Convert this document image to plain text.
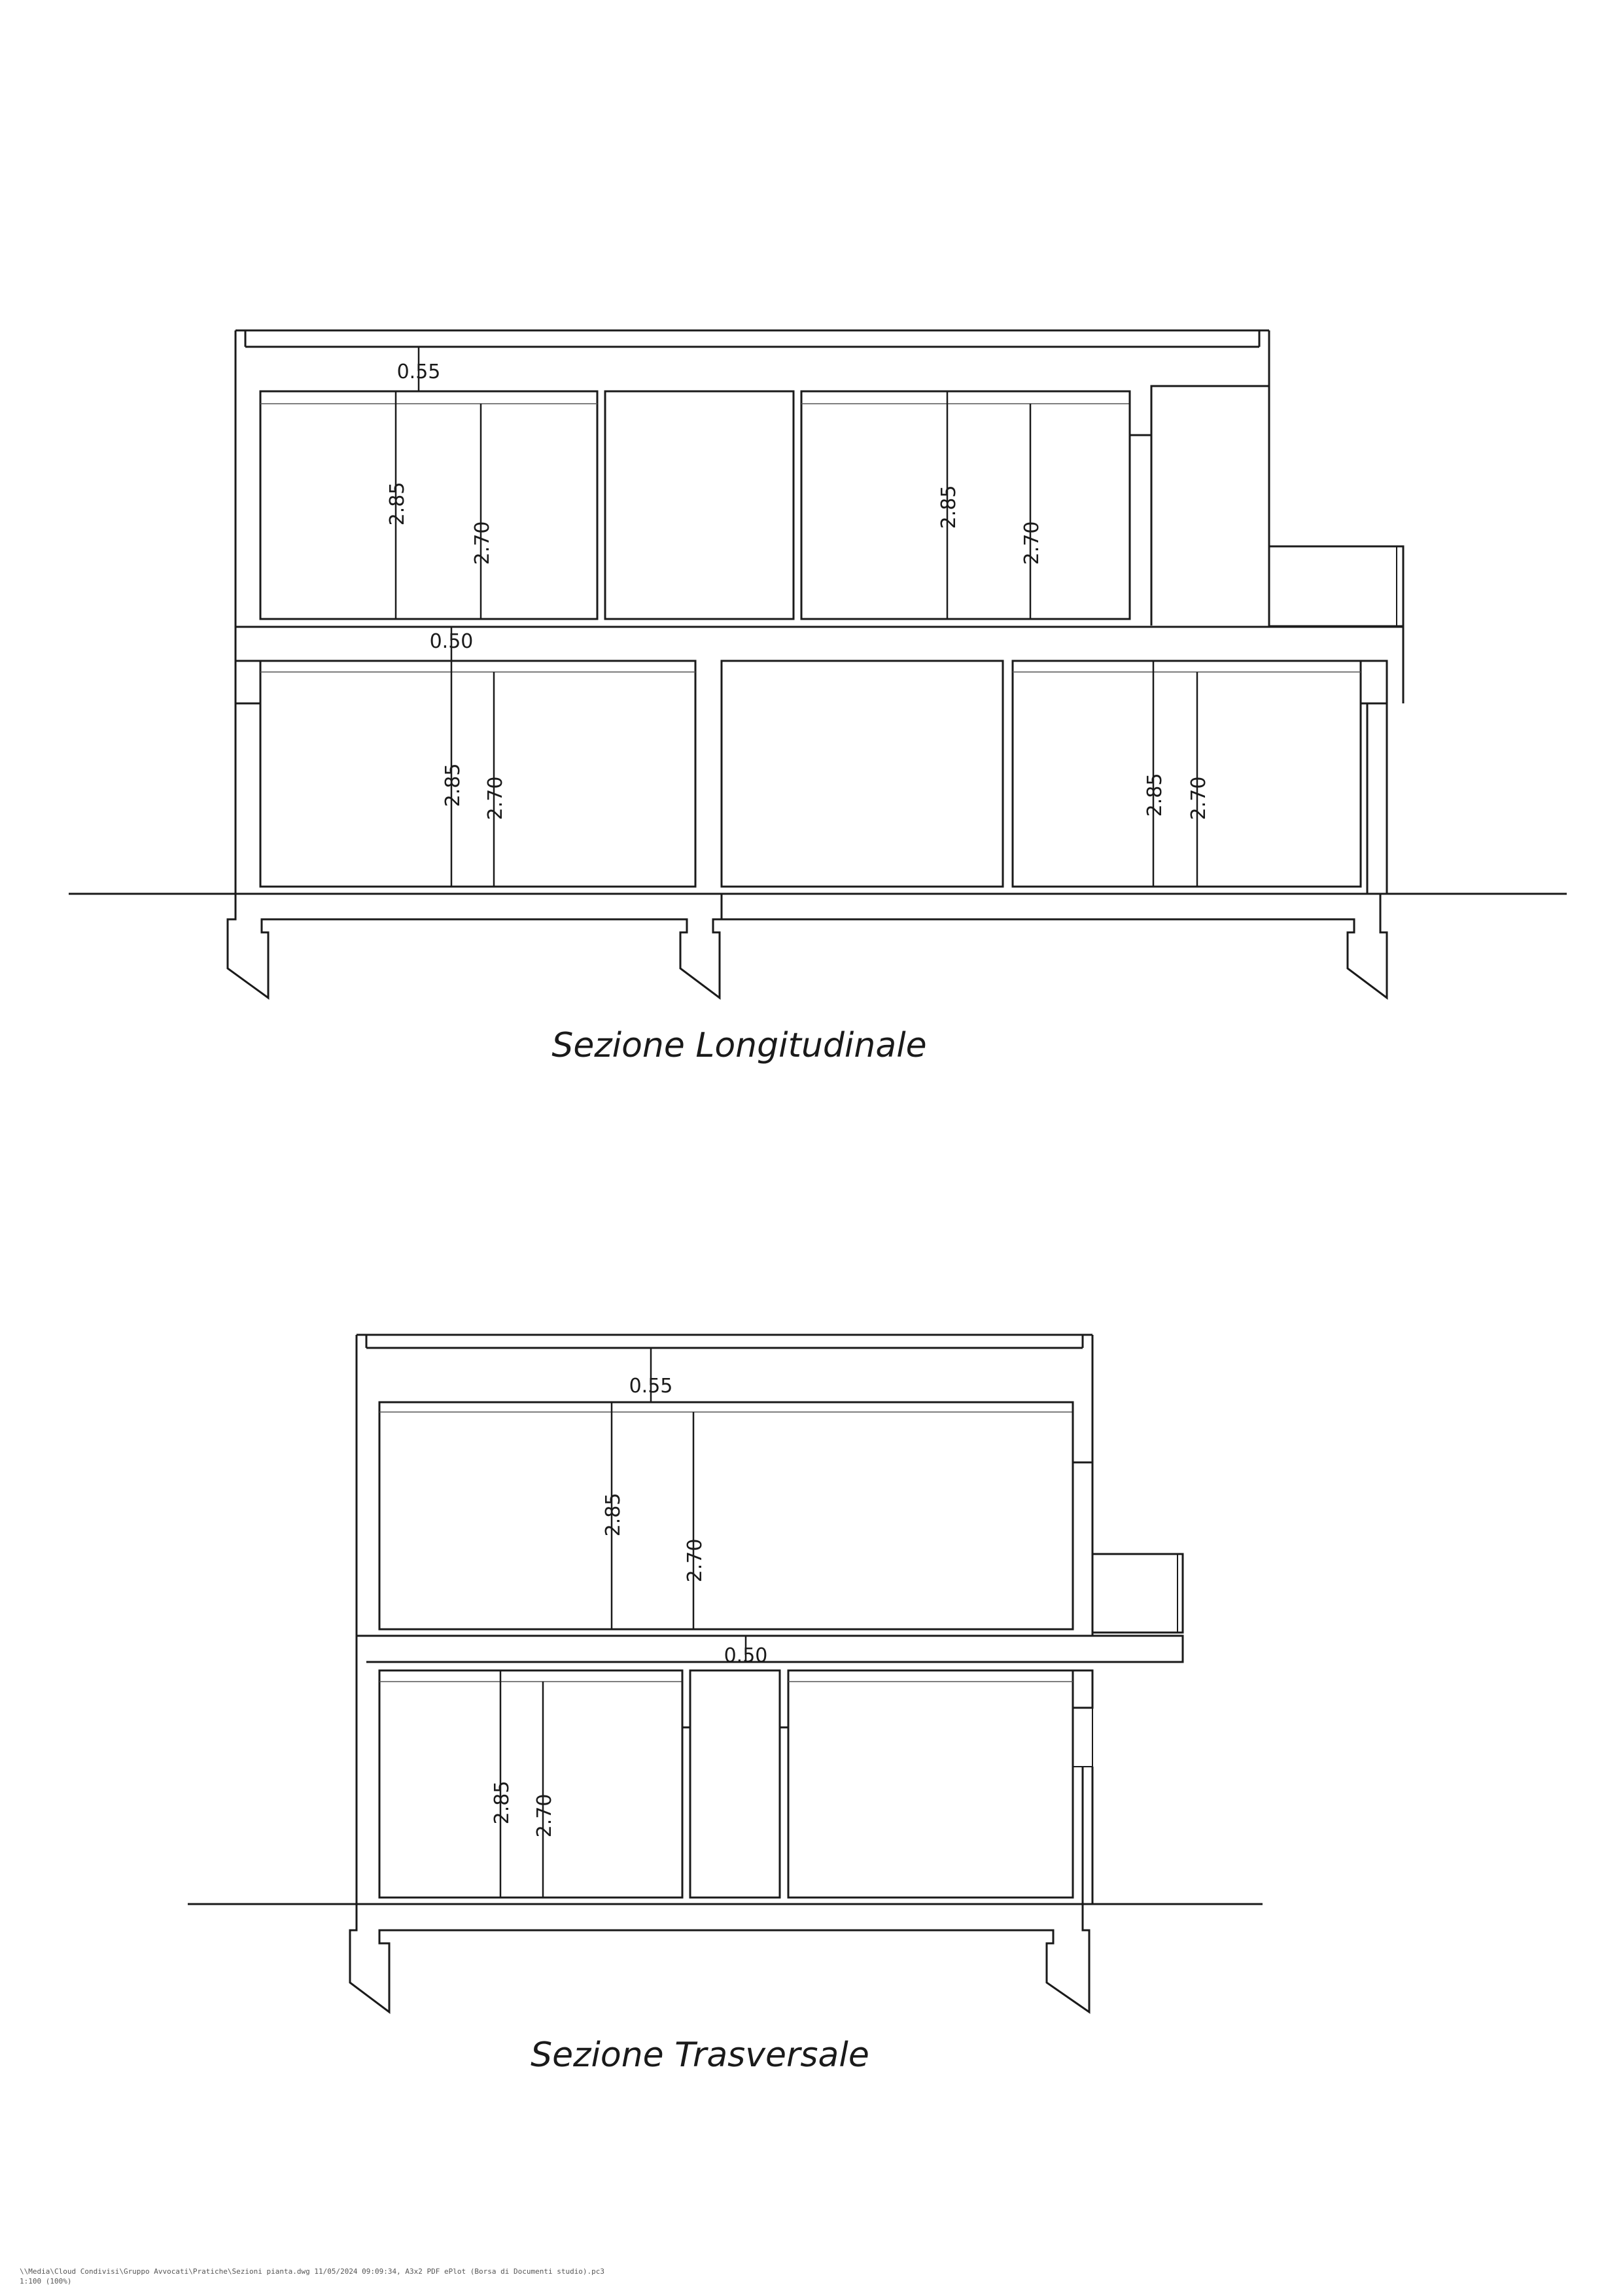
0.55
0.50
2.85
2.70
2.85
2.70
2.85 2.70	2.85 2.70
Sezione Longitudinale
0.55
0.50
2.85
2.70
2.85 2.70
Sezione Trasversale
\\Media\Cloud Condivisi\Gruppo Avvocati\Pratiche\Sezioni pianta.dwg 11/05/2024 09:09:34, A3x2 PDF ePlot (Borsa di Documenti studio).pc3
1:100 (100%)
